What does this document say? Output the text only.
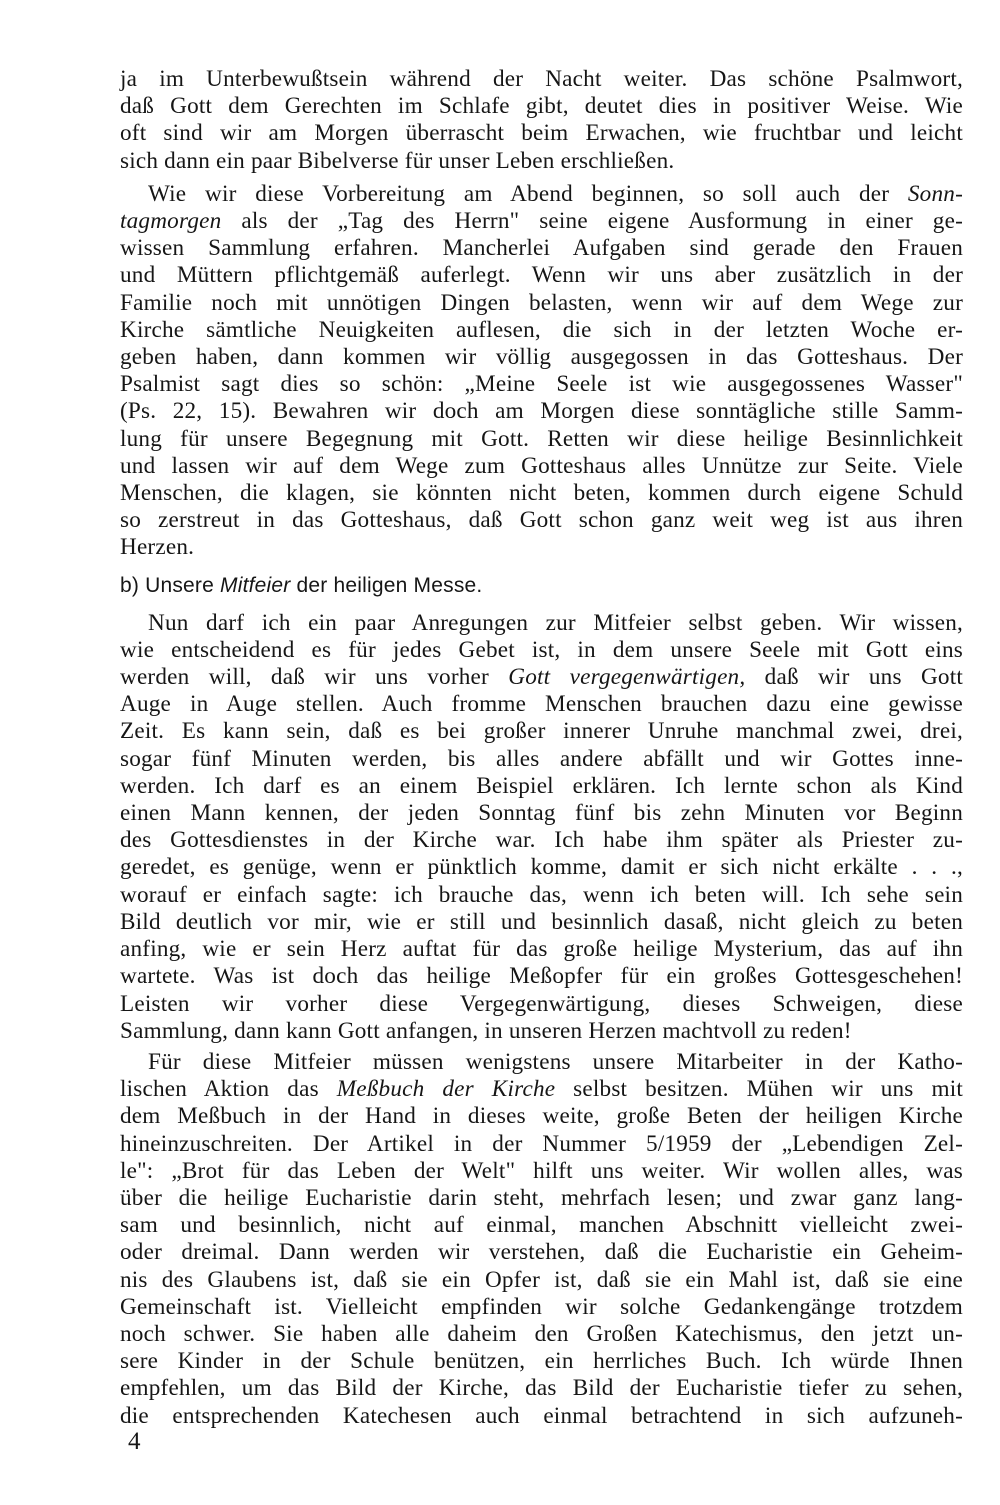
ja im Unterbewußtsein während der Nacht weiter. Das schöne Psalmwort,
daß Gott dem Gerechten im Schlafe gibt, deutet dies in positiver Weise. Wie
oft sind wir am Morgen überrascht beim Erwachen, wie fruchtbar und leicht
sich dann ein paar Bibelverse für unser Leben erschließen.

Wie wir diese Vorbereitung am Abend beginnen, so soll auch der Sonn-
tagmorgen als der „Tag des Herrn" seine eigene Ausformung in einer ge-
wissen Sammlung erfahren. Mancherlei Aufgaben sind gerade den Frauen
und Müttern pflichtgemäß auferlegt. Wenn wir uns aber zusätzlich in der
Familie noch mit unnötigen Dingen belasten, wenn wir auf dem Wege zur
Kirche sämtliche Neuigkeiten auflesen, die sich in der letzten Woche er-
geben haben, dann kommen wir völlig ausgegossen in das Gotteshaus. Der
Psalmist sagt dies so schön: „Meine Seele ist wie ausgegossenes Wasser"
(Ps. 22, 15). Bewahren wir doch am Morgen diese sonntägliche stille Samm-
lung für unsere Begegnung mit Gott. Retten wir diese heilige Besinnlichkeit
und lassen wir auf dem Wege zum Gotteshaus alles Unnütze zur Seite. Viele
Menschen, die klagen, sie könnten nicht beten, kommen durch eigene Schuld
so zerstreut in das Gotteshaus, daß Gott schon ganz weit weg ist aus ihren
Herzen.

b) Unsere Mitfeier der heiligen Messe.

Nun darf ich ein paar Anregungen zur Mitfeier selbst geben. Wir wissen,
wie entscheidend es für jedes Gebet ist, in dem unsere Seele mit Gott eins
werden will, daß wir uns vorher Gott vergegenwärtigen, daß wir uns Gott
Auge in Auge stellen. Auch fromme Menschen brauchen dazu eine gewisse
Zeit. Es kann sein, daß es bei großer innerer Unruhe manchmal zwei, drei,
sogar fünf Minuten werden, bis alles andere abfällt und wir Gottes inne-
werden. Ich darf es an einem Beispiel erklären. Ich lernte schon als Kind
einen Mann kennen, der jeden Sonntag fünf bis zehn Minuten vor Beginn
des Gottesdienstes in der Kirche war. Ich habe ihm später als Priester zu-
geredet, es genüge, wenn er pünktlich komme, damit er sich nicht erkälte . . .,
worauf er einfach sagte: ich brauche das, wenn ich beten will. Ich sehe sein
Bild deutlich vor mir, wie er still und besinnlich dasaß, nicht gleich zu beten
anfing, wie er sein Herz auftat für das große heilige Mysterium, das auf ihn
wartete. Was ist doch das heilige Meßopfer für ein großes Gottesgeschehen!
Leisten wir vorher diese Vergegenwärtigung, dieses Schweigen, diese
Sammlung, dann kann Gott anfangen, in unseren Herzen machtvoll zu reden!

Für diese Mitfeier müssen wenigstens unsere Mitarbeiter in der Katho-
lischen Aktion das Meßbuch der Kirche selbst besitzen. Mühen wir uns mit
dem Meßbuch in der Hand in dieses weite, große Beten der heiligen Kirche
hineinzuschreiten. Der Artikel in der Nummer 5/1959 der „Lebendigen Zel-
le": „Brot für das Leben der Welt" hilft uns weiter. Wir wollen alles, was
über die heilige Eucharistie darin steht, mehrfach lesen; und zwar ganz lang-
sam und besinnlich, nicht auf einmal, manchen Abschnitt vielleicht zwei-
oder dreimal. Dann werden wir verstehen, daß die Eucharistie ein Geheim-
nis des Glaubens ist, daß sie ein Opfer ist, daß sie ein Mahl ist, daß sie eine
Gemeinschaft ist. Vielleicht empfinden wir solche Gedankengänge trotzdem
noch schwer. Sie haben alle daheim den Großen Katechismus, den jetzt un-
sere Kinder in der Schule benützen, ein herrliches Buch. Ich würde Ihnen
empfehlen, um das Bild der Kirche, das Bild der Eucharistie tiefer zu sehen,
die entsprechenden Katechesen auch einmal betrachtend in sich aufzuneh-

4
